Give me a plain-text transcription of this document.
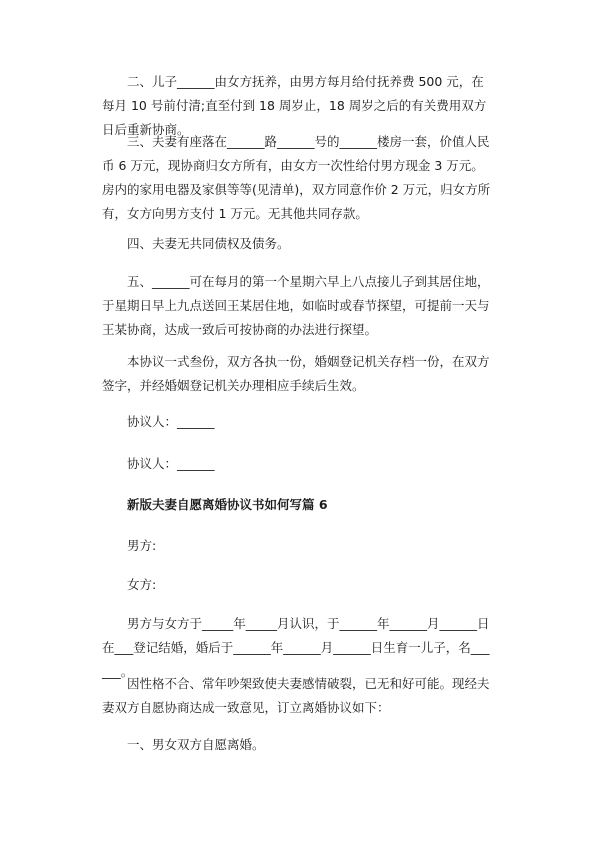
　　二、儿子______由女方抚养，由男方每月给付抚养费 500 元，在每月 10 号前付清;直至付到 18 周岁止，18 周岁之后的有关费用双方日后重新协商。

　　三、夫妻有座落在______路______号的______楼房一套，价值人民币 6 万元，现协商归女方所有，由女方一次性给付男方现金 3 万元。房内的家用电器及家俱等等(见清单)，双方同意作价 2 万元，归女方所有，女方向男方支付 1 万元。无其他共同存款。

　　四、夫妻无共同债权及债务。

　　五、______可在每月的第一个星期六早上八点接儿子到其居住地，于星期日早上九点送回王某居住地，如临时或春节探望，可提前一天与王某协商，达成一致后可按协商的办法进行探望。

　　本协议一式叁份，双方各执一份，婚姻登记机关存档一份，在双方签字，并经婚姻登记机关办理相应手续后生效。

　　协议人：______

　　协议人：______

　　新版夫妻自愿离婚协议书如何写篇 6

　　男方:

　　女方:

　　男方与女方于_____年_____月认识，于______年______月______日在___登记结婚，婚后于______年______月______日生育一儿子，名______。

　　因性格不合、常年吵架致使夫妻感情破裂，已无和好可能。现经夫妻双方自愿协商达成一致意见，订立离婚协议如下：

　　一、男女双方自愿离婚。
